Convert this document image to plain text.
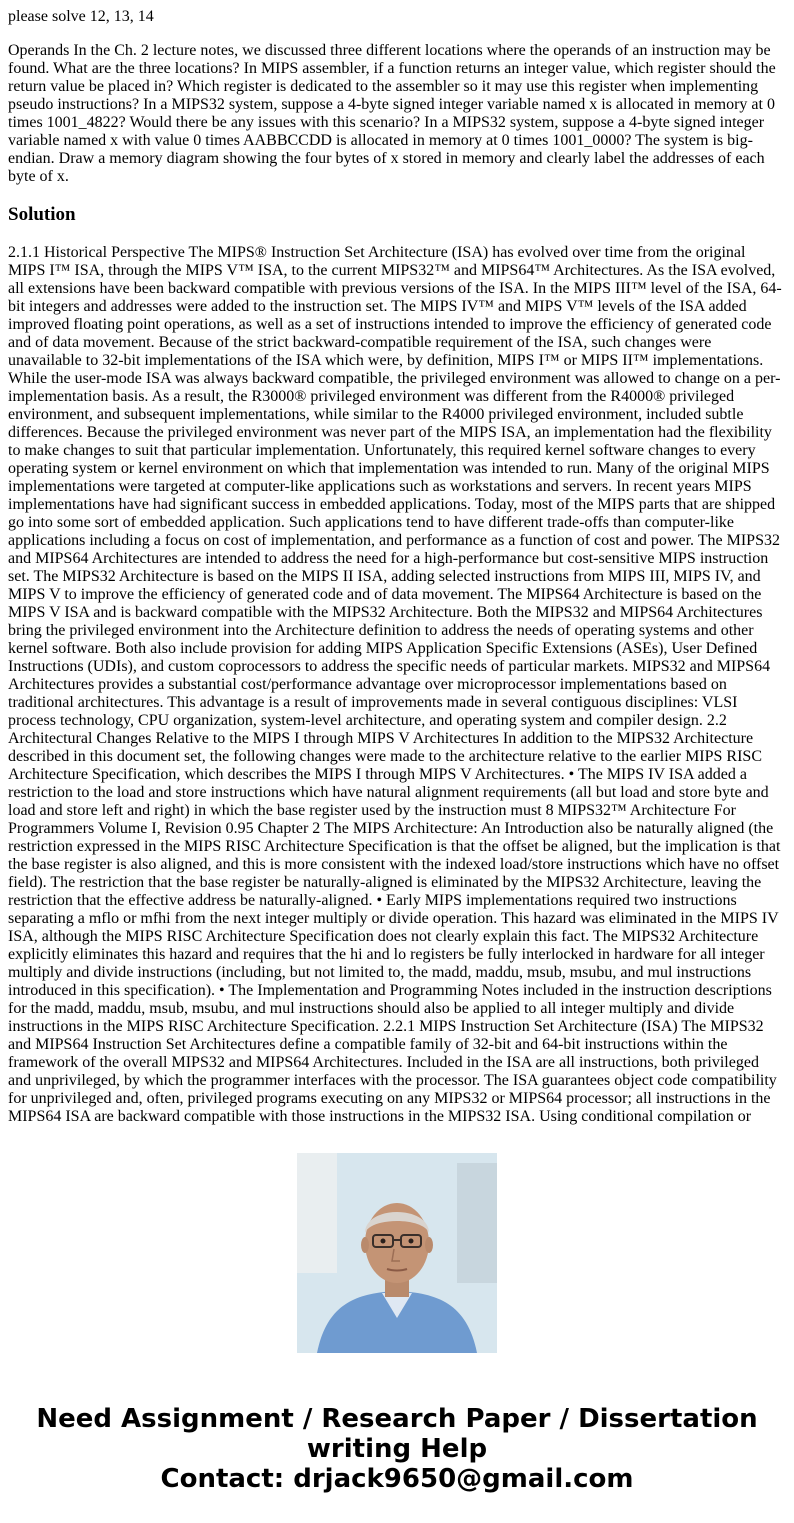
please solve 12, 13, 14

Operands In the Ch. 2 lecture notes, we discussed three different locations where the operands of an instruction may be found. What are the three locations? In MIPS assembler, if a function returns an integer value, which register should the return value be placed in? Which register is dedicated to the assembler so it may use this register when implementing pseudo instructions? In a MIPS32 system, suppose a 4-byte signed integer variable named x is allocated in memory at 0 times 1001_4822? Would there be any issues with this scenario? In a MIPS32 system, suppose a 4-byte signed integer variable named x with value 0 times AABBCCDD is allocated in memory at 0 times 1001_0000? The system is big-endian. Draw a memory diagram showing the four bytes of x stored in memory and clearly label the addresses of each byte of x.

Solution

2.1.1 Historical Perspective The MIPS® Instruction Set Architecture (ISA) has evolved over time from the original MIPS I™ ISA, through the MIPS V™ ISA, to the current MIPS32™ and MIPS64™ Architectures. As the ISA evolved, all extensions have been backward compatible with previous versions of the ISA. In the MIPS III™ level of the ISA, 64-bit integers and addresses were added to the instruction set. The MIPS IV™ and MIPS V™ levels of the ISA added improved floating point operations, as well as a set of instructions intended to improve the efficiency of generated code and of data movement. Because of the strict backward-compatible requirement of the ISA, such changes were unavailable to 32-bit implementations of the ISA which were, by definition, MIPS I™ or MIPS II™ implementations. While the user-mode ISA was always backward compatible, the privileged environment was allowed to change on a per-implementation basis. As a result, the R3000® privileged environment was different from the R4000® privileged environment, and subsequent implementations, while similar to the R4000 privileged environment, included subtle differences. Because the privileged environment was never part of the MIPS ISA, an implementation had the flexibility to make changes to suit that particular implementation. Unfortunately, this required kernel software changes to every operating system or kernel environment on which that implementation was intended to run. Many of the original MIPS implementations were targeted at computer-like applications such as workstations and servers. In recent years MIPS implementations have had significant success in embedded applications. Today, most of the MIPS parts that are shipped go into some sort of embedded application. Such applications tend to have different trade-offs than computer-like applications including a focus on cost of implementation, and performance as a function of cost and power. The MIPS32 and MIPS64 Architectures are intended to address the need for a high-performance but cost-sensitive MIPS instruction set. The MIPS32 Architecture is based on the MIPS II ISA, adding selected instructions from MIPS III, MIPS IV, and MIPS V to improve the efficiency of generated code and of data movement. The MIPS64 Architecture is based on the MIPS V ISA and is backward compatible with the MIPS32 Architecture. Both the MIPS32 and MIPS64 Architectures bring the privileged environment into the Architecture definition to address the needs of operating systems and other kernel software. Both also include provision for adding MIPS Application Specific Extensions (ASEs), User Defined Instructions (UDIs), and custom coprocessors to address the specific needs of particular markets. MIPS32 and MIPS64 Architectures provides a substantial cost/performance advantage over microprocessor implementations based on traditional architectures. This advantage is a result of improvements made in several contiguous disciplines: VLSI process technology, CPU organization, system-level architecture, and operating system and compiler design. 2.2 Architectural Changes Relative to the MIPS I through MIPS V Architectures In addition to the MIPS32 Architecture described in this document set, the following changes were made to the architecture relative to the earlier MIPS RISC Architecture Specification, which describes the MIPS I through MIPS V Architectures. • The MIPS IV ISA added a restriction to the load and store instructions which have natural alignment requirements (all but load and store byte and load and store left and right) in which the base register used by the instruction must 8 MIPS32™ Architecture For Programmers Volume I, Revision 0.95 Chapter 2 The MIPS Architecture: An Introduction also be naturally aligned (the restriction expressed in the MIPS RISC Architecture Specification is that the offset be aligned, but the implication is that the base register is also aligned, and this is more consistent with the indexed load/store instructions which have no offset field). The restriction that the base register be naturally-aligned is eliminated by the MIPS32 Architecture, leaving the restriction that the effective address be naturally-aligned. • Early MIPS implementations required two instructions separating a mflo or mfhi from the next integer multiply or divide operation. This hazard was eliminated in the MIPS IV ISA, although the MIPS RISC Architecture Specification does not clearly explain this fact. The MIPS32 Architecture explicitly eliminates this hazard and requires that the hi and lo registers be fully interlocked in hardware for all integer multiply and divide instructions (including, but not limited to, the madd, maddu, msub, msubu, and mul instructions introduced in this specification). • The Implementation and Programming Notes included in the instruction descriptions for the madd, maddu, msub, msubu, and mul instructions should also be applied to all integer multiply and divide instructions in the MIPS RISC Architecture Specification. 2.2.1 MIPS Instruction Set Architecture (ISA) The MIPS32 and MIPS64 Instruction Set Architectures define a compatible family of 32-bit and 64-bit instructions within the framework of the overall MIPS32 and MIPS64 Architectures. Included in the ISA are all instructions, both privileged and unprivileged, by which the programmer interfaces with the processor. The ISA guarantees object code compatibility for unprivileged and, often, privileged programs executing on any MIPS32 or MIPS64 processor; all instructions in the MIPS64 ISA are backward compatible with those instructions in the MIPS32 ISA. Using conditional compilation or

Need Assignment / Research Paper / Dissertation
writing Help
Contact: drjack9650@gmail.com
